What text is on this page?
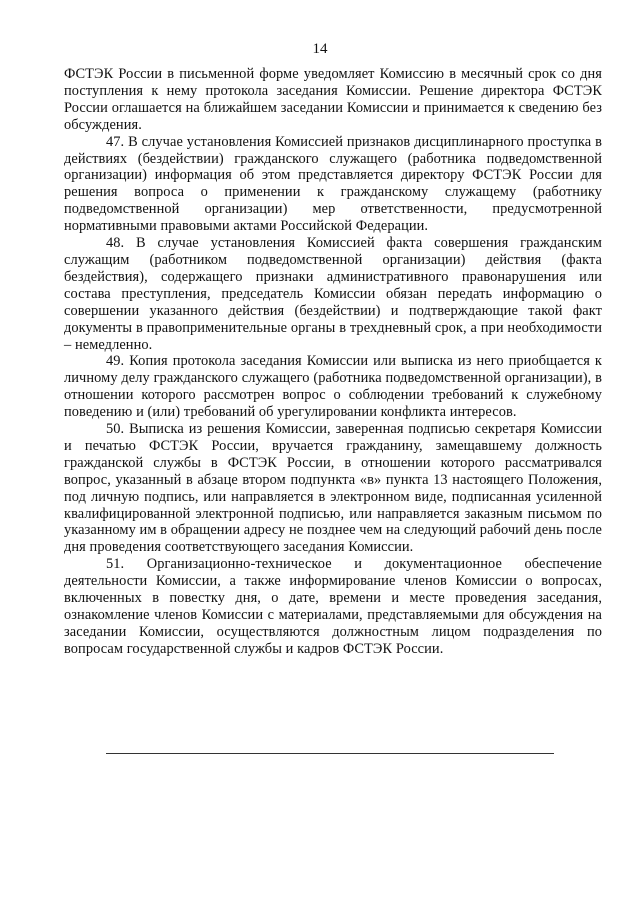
14

ФСТЭК России в письменной форме уведомляет Комиссию в месячный срок со дня поступления к нему протокола заседания Комиссии. Решение директора ФСТЭК России оглашается на ближайшем заседании Комиссии и принимается к сведению без обсуждения.

47. В случае установления Комиссией признаков дисциплинарного проступка в действиях (бездействии) гражданского служащего (работника подведомственной организации) информация об этом представляется директору ФСТЭК России для решения вопроса о применении к гражданскому служащему (работнику подведомственной организации) мер ответственности, предусмотренной нормативными правовыми актами Российской Федерации.

48. В случае установления Комиссией факта совершения гражданским служащим (работником подведомственной организации) действия (факта бездействия), содержащего признаки административного правонарушения или состава преступления, председатель Комиссии обязан передать информацию о совершении указанного действия (бездействии) и подтверждающие такой факт документы в правоприменительные органы в трехдневный срок, а при необходимости – немедленно.

49. Копия протокола заседания Комиссии или выписка из него приобщается к личному делу гражданского служащего (работника подведомственной организации), в отношении которого рассмотрен вопрос о соблюдении требований к служебному поведению и (или) требований об урегулировании конфликта интересов.

50. Выписка из решения Комиссии, заверенная подписью секретаря Комиссии и печатью ФСТЭК России, вручается гражданину, замещавшему должность гражданской службы в ФСТЭК России, в отношении которого рассматривался вопрос, указанный в абзаце втором подпункта «в» пункта 13 настоящего Положения, под личную подпись, или направляется в электронном виде, подписанная усиленной квалифицированной электронной подписью, или направляется заказным письмом по указанному им в обращении адресу не позднее чем на следующий рабочий день после дня проведения соответствующего заседания Комиссии.

51. Организационно-техническое и документационное обеспечение деятельности Комиссии, а также информирование членов Комиссии о вопросах, включенных в повестку дня, о дате, времени и месте проведения заседания, ознакомление членов Комиссии с материалами, представляемыми для обсуждения на заседании Комиссии, осуществляются должностным лицом подразделения по вопросам государственной службы и кадров ФСТЭК России.
